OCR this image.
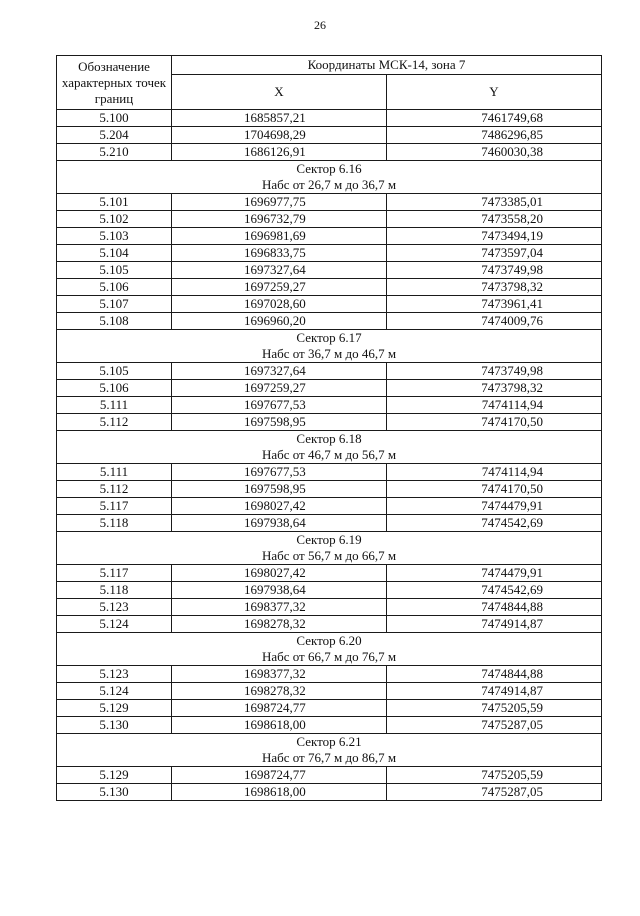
26
Обозначение характерных точек границ	Координаты МСК-14, зона 7	
	X	Y
5.100	1685857,21	7461749,68
5.204	1704698,29	7486296,85
5.210	1686126,91	7460030,38

Сектор 6.16
Набс от 26,7 м до 36,7 м		

5.101	1696977,75	7473385,01
5.102	1696732,79	7473558,20
5.103	1696981,69	7473494,19
5.104	1696833,75	7473597,04
5.105	1697327,64	7473749,98
5.106	1697259,27	7473798,32
5.107	1697028,60	7473961,41
5.108	1696960,20	7474009,76

Сектор 6.17
Набс от 36,7 м до 46,7 м		

5.105	1697327,64	7473749,98
5.106	1697259,27	7473798,32
5.111	1697677,53	7474114,94
5.112	1697598,95	7474170,50

Сектор 6.18
Набс от 46,7 м до 56,7 м		

5.111	1697677,53	7474114,94
5.112	1697598,95	7474170,50
5.117	1698027,42	7474479,91
5.118	1697938,64	7474542,69

Сектор 6.19
Набс от 56,7 м до 66,7 м		

5.117	1698027,42	7474479,91
5.118	1697938,64	7474542,69
5.123	1698377,32	7474844,88
5.124	1698278,32	7474914,87

Сектор 6.20
Набс от 66,7 м до 76,7 м		

5.123	1698377,32	7474844,88
5.124	1698278,32	7474914,87
5.129	1698724,77	7475205,59
5.130	1698618,00	7475287,05

Сектор 6.21
Набс от 76,7 м до 86,7 м		

5.129	1698724,77	7475205,59
5.130	1698618,00	7475287,05
